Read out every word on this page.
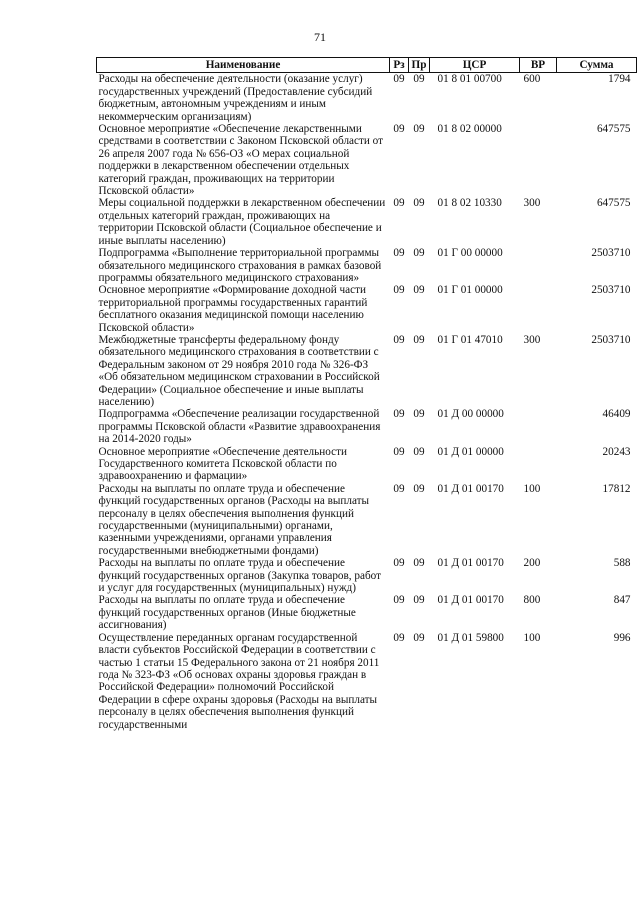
71
Наименование	Рз	Пр	ЦСР	ВР	Сумма
Расходы на обеспечение деятельности (оказание услуг) государственных учреждений (Предоставление субсидий бюджетным, автономным учреждениям и иным некоммерческим организациям)	09	09	01 8 01 00700	600	1794
Основное мероприятие «Обеспечение лекарственными средствами в соответствии с Законом Псковской области от 26 апреля 2007 года № 656-ОЗ «О мерах социальной поддержки в лекарственном обеспечении отдельных категорий граждан, проживающих на территории Псковской области»	09	09	01 8 02 00000		647575
Меры социальной поддержки в лекарственном обеспечении отдельных категорий граждан, проживающих на территории Псковской области (Социальное обеспечение и иные выплаты населению)	09	09	01 8 02 10330	300	647575
Подпрограмма «Выполнение территориальной программы обязательного медицинского страхования в рамках базовой программы обязательного медицинского страхования»	09	09	01 Г 00 00000		2503710
Основное мероприятие «Формирование доходной части территориальной программы государственных гарантий бесплатного оказания медицинской помощи населению Псковской области»	09	09	01 Г 01 00000		2503710
Межбюджетные трансферты федеральному фонду обязательного медицинского страхования в соответствии с Федеральным законом от 29 ноября 2010 года № 326-ФЗ «Об обязательном медицинском страховании в Российской Федерации» (Социальное обеспечение и иные выплаты населению)	09	09	01 Г 01 47010	300	2503710
Подпрограмма «Обеспечение реализации государственной программы Псковской области «Развитие здравоохранения на 2014-2020 годы»	09	09	01 Д 00 00000		46409
Основное мероприятие «Обеспечение деятельности Государственного комитета Псковской области по здравоохранению и фармации»	09	09	01 Д 01 00000		20243
Расходы на выплаты по оплате труда и обеспечение функций государственных органов (Расходы на выплаты персоналу в целях обеспечения выполнения функций государственными (муниципальными) органами, казенными учреждениями, органами управления государственными внебюджетными фондами)	09	09	01 Д 01 00170	100	17812
Расходы на выплаты по оплате труда и обеспечение функций государственных органов (Закупка товаров, работ и услуг для государственных (муниципальных) нужд)	09	09	01 Д 01 00170	200	588
Расходы на выплаты по оплате труда и обеспечение функций государственных органов (Иные бюджетные ассигнования)	09	09	01 Д 01 00170	800	847
Осуществление переданных органам государственной власти субъектов Российской Федерации в соответствии с частью 1 статьи 15 Федерального закона от 21 ноября 2011 года № 323-ФЗ «Об основах охраны здоровья граждан в Российской Федерации» полномочий Российской Федерации в сфере охраны здоровья (Расходы на выплаты персоналу в целях обеспечения выполнения функций государственными	09	09	01 Д 01 59800	100	996
